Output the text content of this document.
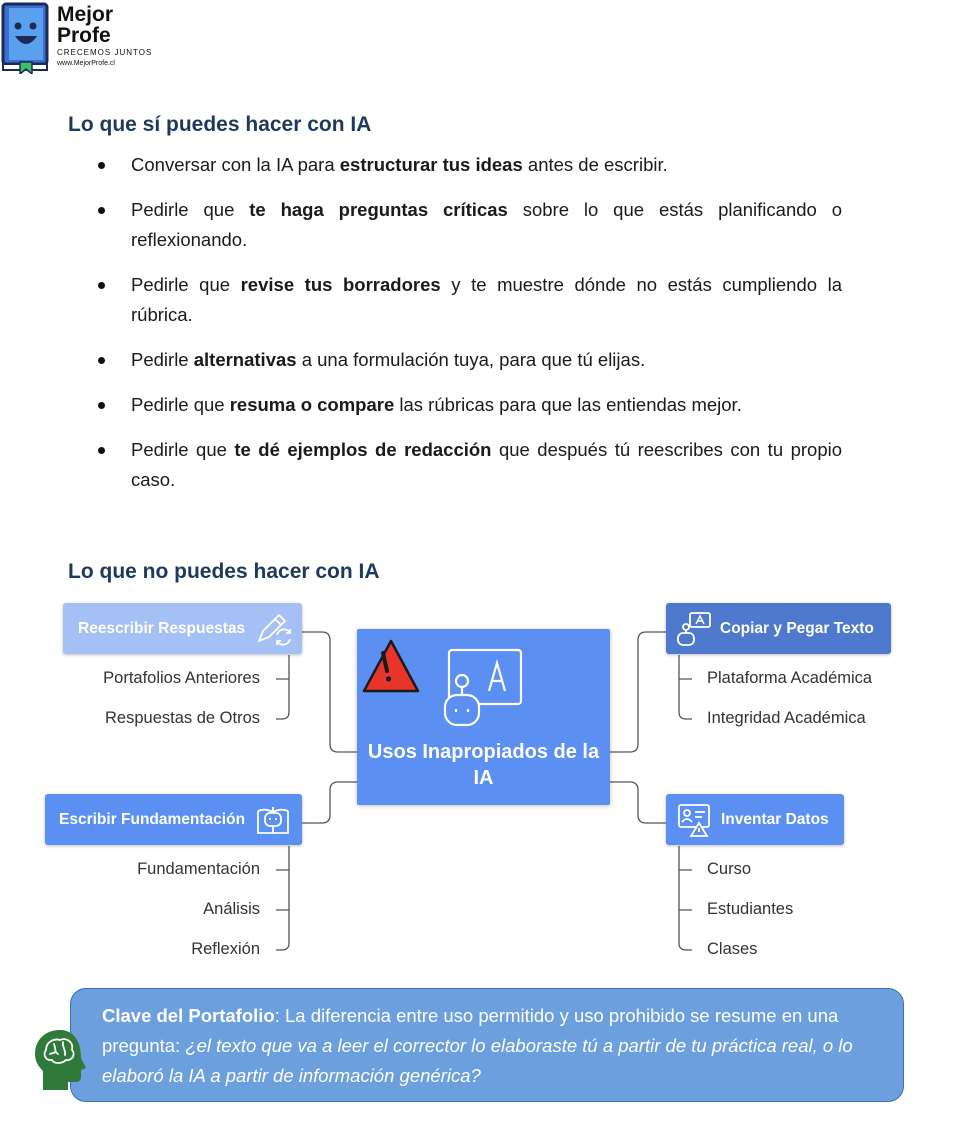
Mejor
Profe
CRECEMOS JUNTOS
www.MejorProfe.cl
Lo que sí puedes hacer con IA
Conversar con la IA para estructurar tus ideas antes de escribir.
Pedirle que te haga preguntas críticas sobre lo que estás planificando o reflexionando.
Pedirle que revise tus borradores y te muestre dónde no estás cumpliendo la rúbrica.
Pedirle alternativas a una formulación tuya, para que tú elijas.
Pedirle que resuma o compare las rúbricas para que las entiendas mejor.
Pedirle que te dé ejemplos de redacción que después tú reescribes con tu propio caso.
Lo que no puedes hacer con IA
Usos Inapropiados de la IA
Reescribir Respuestas
Portafolios Anteriores
Respuestas de Otros
Escribir Fundamentación
Fundamentación
Análisis
Reflexión
Copiar y Pegar Texto
Plataforma Académica
Integridad Académica
Inventar Datos
Curso
Estudiantes
Clases
Clave del Portafolio: La diferencia entre uso permitido y uso prohibido se resume en una pregunta: ¿el texto que va a leer el corrector lo elaboraste tú a partir de tu práctica real, o lo elaboró la IA a partir de información genérica?
